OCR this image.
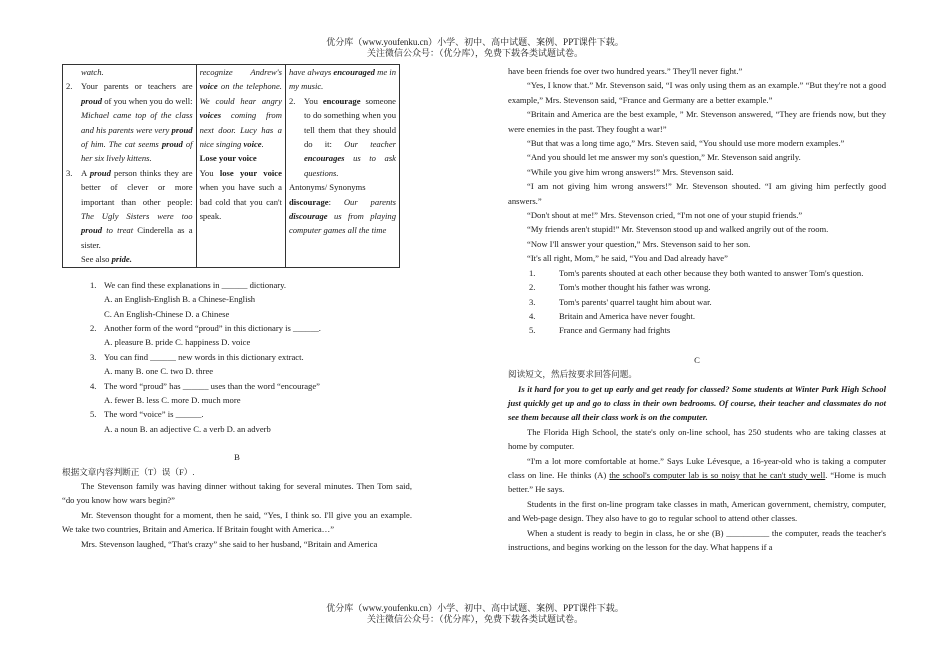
优分库（www.youfenku.cn）小学、初中、高中试题、案例、PPT课件下载。
关注微信公众号：（优分库），免费下载各类试题试卷。
watch.
2. Your parents or teachers are proud of you when you do well: Michael came top of the class and his parents were very proud of him. The cat seems proud of her six lively kittens.
3. A proud person thinks they are better of clever or more important than other people: The Ugly Sisters were too proud to treat Cinderella as a sister.
See also pride.

recognize Andrew's voice on the telephone. We could hear angry voices coming from next door. Lucy has a nice singing voice.
Lose your voice
You lose your voice when you have such a bad cold that you can't speak.

have always encouraged me in my music.
2. You encourage someone to do something when you tell them that they should do it: Our teacher encourages us to ask questions.
Antonyms/ Synonyms
discourage: Our parents discourage us from playing computer games all the time
1. We can find these explanations in ______ dictionary.
A. an English-English B. a Chinese-English
C. An English-Chinese D. a Chinese
2. Another form of the word “proud” in this dictionary is ______.
A. pleasure B. pride C. happiness D. voice
3. You can find ______ new words in this dictionary extract.
A. many B. one C. two D. three
4. The word “proud” has ______ uses than the word “encourage”
A. fewer B. less C. more D. much more
5. The word “voice” is ______.
A. a noun B. an adjective C. a verb D. an adverb
B
根据文章内容判断正（T）误（F）.

The Stevenson family was having dinner without taking for several minutes. Then Tom said, “do you know how wars begin?”

Mr. Stevenson thought for a moment, then he said, “Yes, I think so. I'll give you an example. We take two countries, Britain and America. If Britain fought with America…”

Mrs. Stevenson laughed, “That's crazy” she said to her husband, “Britain and America

have been friends foe over two hundred years.” They'll never fight.”

“Yes, I know that.” Mr. Stevenson said, “I was only using them as an example.” “But they're not a good example,” Mrs. Stevenson said, “France and Germany are a better example.”

“Britain and America are the best example, ” Mr. Stevenson answered, “They are friends now, but they were enemies in the past. They fought a war!”

“But that was a long time ago,” Mrs. Steven said, “You should use more modern examples.”

“And you should let me answer my son's question,” Mr. Stevenson said angrily.

“While you give him wrong answers!” Mrs. Stevenson said.

“I am not giving him wrong answers!” Mr. Stevenson shouted. “I am giving him perfectly good answers.”

“Don't shout at me!” Mrs. Stevenson cried, “I'm not one of your stupid friends.”

“My friends aren't stupid!” Mr. Stevenson stood up and walked angrily out of the room.

“Now I'll answer your question,” Mrs. Stevenson said to her son.

“It's all right, Mom,” he said, “You and Dad already have”

1.	Tom's parents shouted at each other because they both wanted to answer Tom's question.
2.	Tom's mother thought his father was wrong.
3.	Tom's parents' quarrel taught him about war.
4.	Britain and America have never fought.
5.	France and Germany had frights
C
阅读短文，然后按要求回答问题。

Is it hard for you to get up early and get ready for classed? Some students at Winter Park High School just quickly get up and go to class in their own bedrooms. Of course, their teacher and classmates do not see them because all their class work is on the computer.

The Florida High School, the state's only on-line school, has 250 students who are taking classes at home by computer.

“I'm a lot more comfortable at home.” Says Luke Lévesque, a 16-year-old who is taking a computer class on line. He thinks (A) the school's computer lab is so noisy that he can't study well. “Home is much better.” He says.

Students in the first on-line program take classes in math, American government, chemistry, computer, and Web-page design. They also have to go to regular school to attend other classes.

When a student is ready to begin in class, he or she (B) __________ the computer, reads the teacher's instructions, and begins working on the lesson for the day. What happens if a

优分库（www.youfenku.cn）小学、初中、高中试题、案例、PPT课件下载。
关注微信公众号：（优分库），免费下载各类试题试卷。
